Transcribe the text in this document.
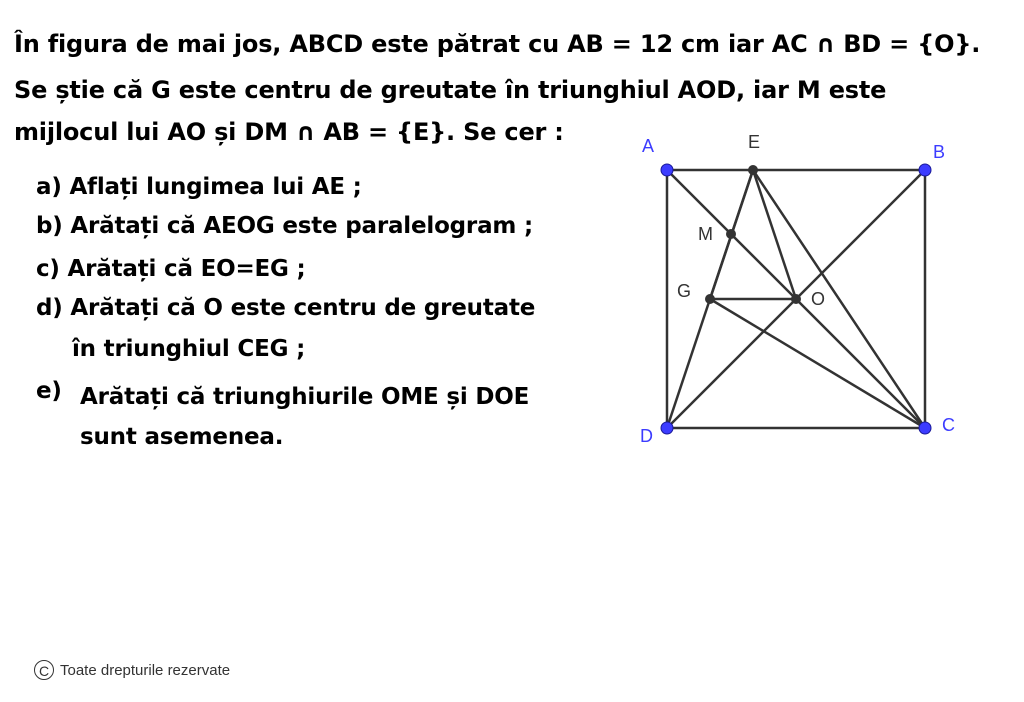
În figura de mai jos, ABCD este pătrat cu AB = 12 cm iar AC ∩ BD = {O}.
Se știe că G este centru de greutate în triunghiul AOD, iar M este
mijlocul lui AO și DM ∩ AB = {E}. Se cer :
a) Aflați lungimea lui AE ;
b) Arătați că AEOG este paralelogram ;
c) Arătați că EO=EG ;
d) Arătați că O este centru de greutate
în triunghiul CEG ;
e) Arătați că triunghiurile OME și DOE
sunt asemenea.
A	B
C
D
E
M
G	O
C Toate drepturile rezervate
